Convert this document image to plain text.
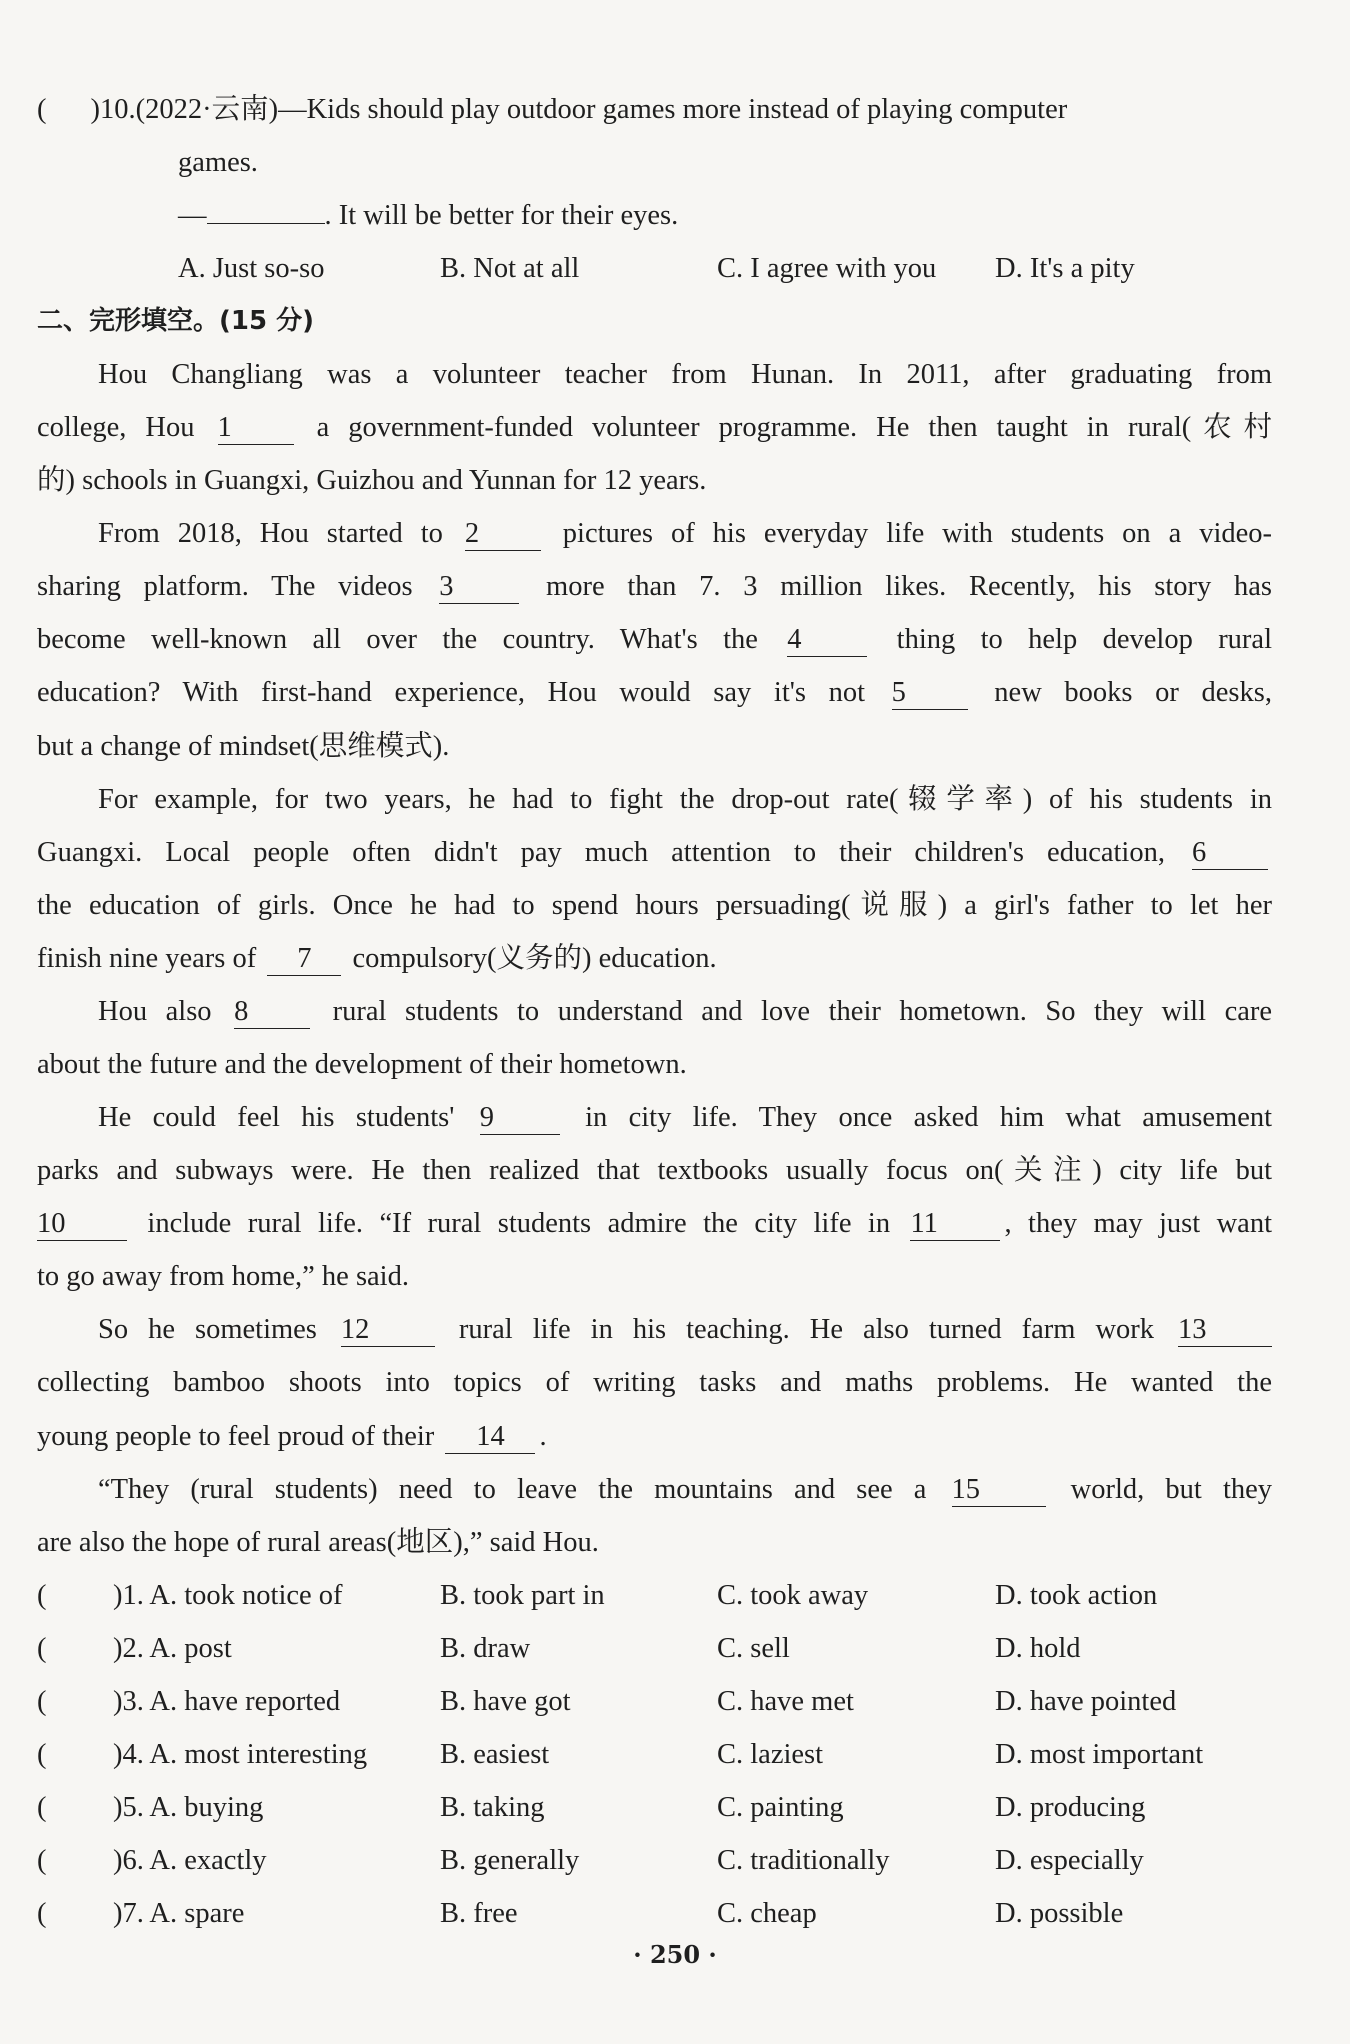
( )10.(2022·云南)—Kids should play outdoor games more instead of playing computer
games.
—	. It will be better for their eyes.
A. Just so-so	B. Not at all	C. I agree with you D. It's a pity
二、完形填空。(15 分)
Hou Changliang was a volunteer teacher from Hunan. In 2011, after graduating from
college, Hou 1	a government-funded volunteer programme. He then taught in rural(农村
的) schools in Guangxi, Guizhou and Yunnan for 12 years.
From 2018, Hou started to 2	pictures of his everyday life with students on a video-
sharing platform. The videos 3	more than 7. 3 million likes. Recently, his story has
become well-known all over the country. What's the 4	thing to help develop rural
education? With first-hand experience, Hou would say it's not 5	new books or desks,
but a change of mindset(思维模式).
For example, for two years, he had to fight the drop-out rate(辍学率) of his students in
Guangxi. Local people often didn't pay much attention to their children's education, 6
the education of girls. Once he had to spend hours persuading(说服) a girl's father to let her
finish nine years of 7 compulsory(义务的) education.
Hou also 8	rural students to understand and love their hometown. So they will care
about the future and the development of their hometown.
He could feel his students' 9	in city life. They once asked him what amusement
parks and subways were. He then realized that textbooks usually focus on(关注) city life but
10	include rural life. “If rural students admire the city life in 11 , they may just want
to go away from home,” he said.
So he sometimes 12	rural life in his teaching. He also turned farm work 13
collecting bamboo shoots into topics of writing tasks and maths problems. He wanted the
young people to feel proud of their 14 .
“They (rural students) need to leave the mountains and see a 15	world, but they
are also the hope of rural areas(地区),” said Hou.
( )1. A. took notice of	B. took part in	C. took away	D. took action
( )2. A. post	B. draw	C. sell	D. hold
( )3. A. have reported	B. have got	C. have met	D. have pointed
( )4. A. most interesting	B. easiest	C. laziest	D. most important
( )5. A. buying	B. taking	C. painting	D. producing
( )6. A. exactly	B. generally	C. traditionally	D. especially
( )7. A. spare	B. free	C. cheap	D. possible
· 250 ·
